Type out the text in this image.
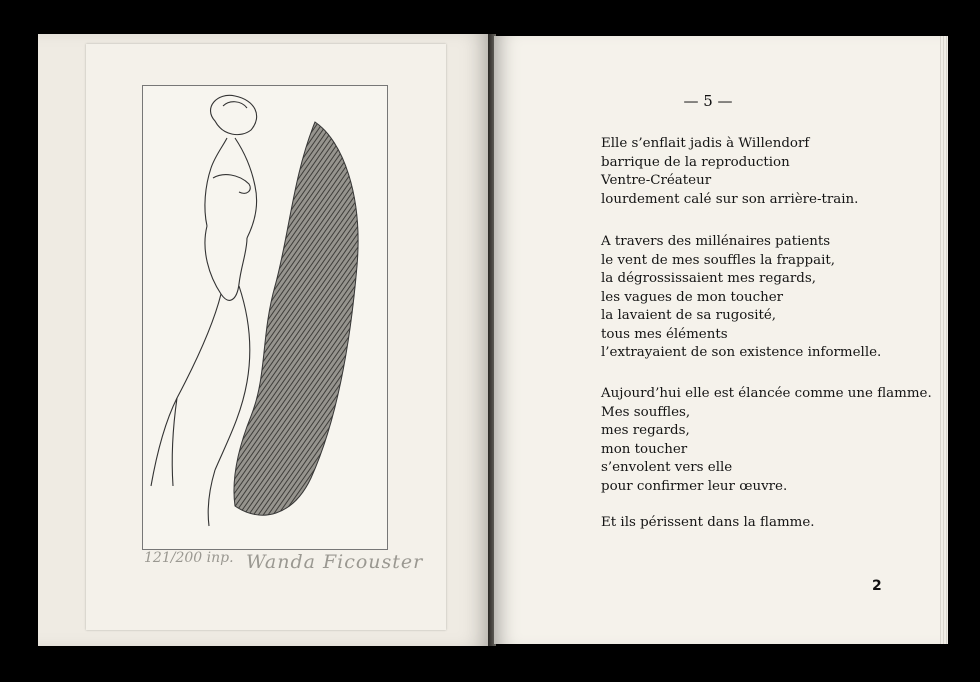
121/200 inp. Wanda Ficouster
— 5 —
Elle s’enflait jadis à Willendorf
barrique de la reproduction
Ventre-Créateur
lourdement calé sur son arrière-train.
A travers des millénaires patients
le vent de mes souffles la frappait,
la dégrossissaient mes regards,
les vagues de mon toucher
la lavaient de sa rugosité,
tous mes éléments
l’extrayaient de son existence informelle.
Aujourd’hui elle est élancée comme une flamme.
Mes souffles,
mes regards,
mon toucher
s’envolent vers elle
pour confirmer leur œuvre.
Et ils périssent dans la flamme.
2
